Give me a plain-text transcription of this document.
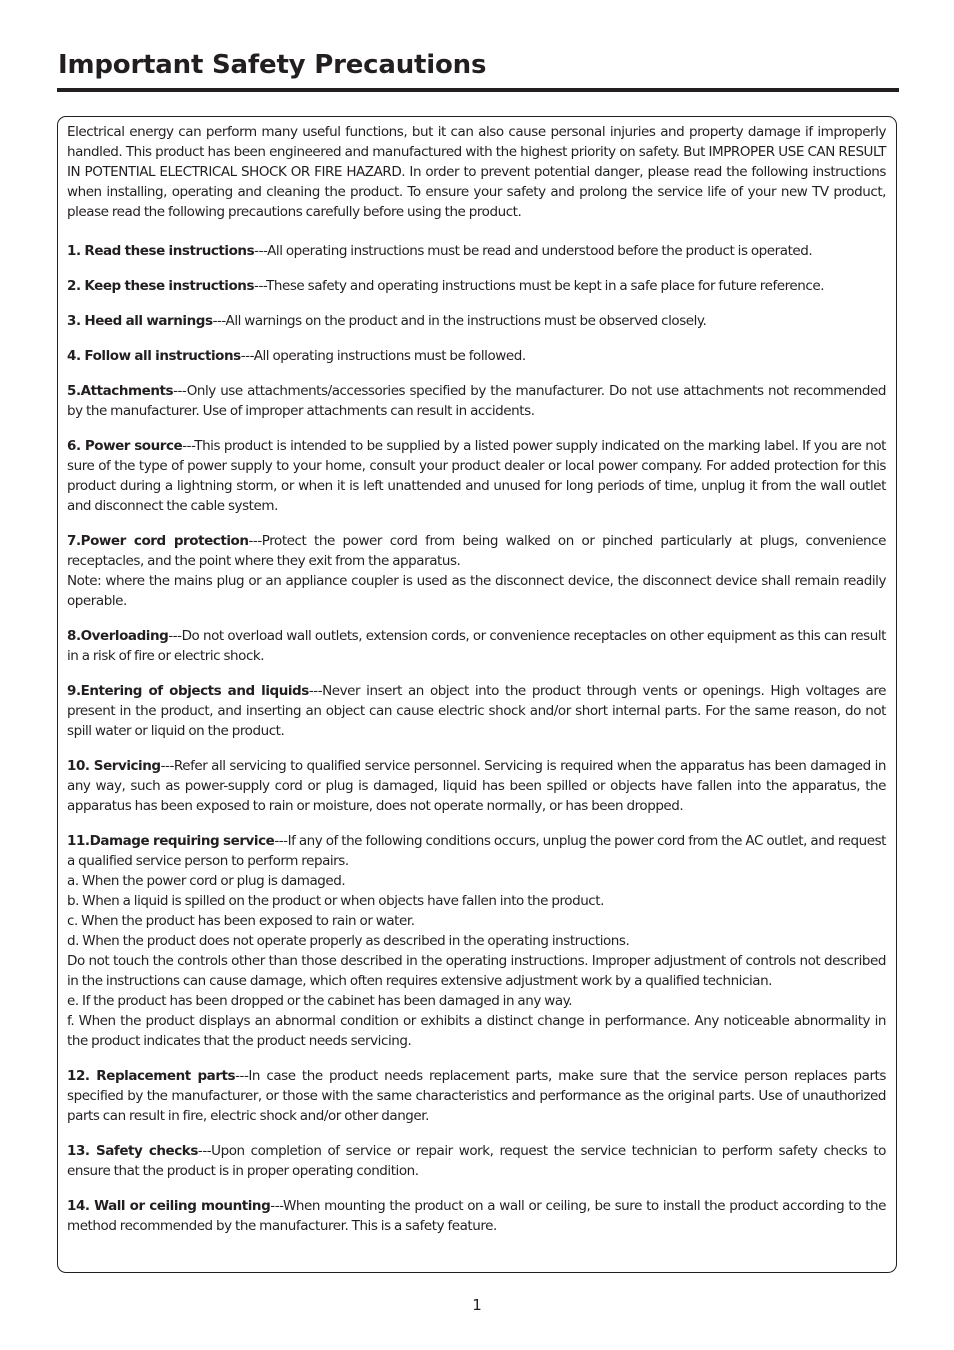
Important Safety Precautions

Electrical energy can perform many useful functions, but it can also cause personal injuries and property damage if improperly handled. This product has been engineered and manufactured with the highest priority on safety. But IMPROPER USE CAN RESULT IN POTENTIAL ELECTRICAL SHOCK OR FIRE HAZARD. In order to prevent potential danger, please read the following instructions when installing, operating and cleaning the product. To ensure your safety and prolong the service life of your new TV product, please read the following precautions carefully before using the product.

1. Read these instructions---All operating instructions must be read and understood before the product is operated.

2. Keep these instructions---These safety and operating instructions must be kept in a safe place for future reference.

3. Heed all warnings---All warnings on the product and in the instructions must be observed closely.

4. Follow all instructions---All operating instructions must be followed.

5.Attachments---Only use attachments/accessories specified by the manufacturer. Do not use attachments not recommended by the manufacturer. Use of improper attachments can result in accidents.

6. Power source---This product is intended to be supplied by a listed power supply indicated on the marking label. If you are not sure of the type of power supply to your home, consult your product dealer or local power company. For added protection for this product during a lightning storm, or when it is left unattended and unused for long periods of time, unplug it from the wall outlet and disconnect the cable system.

7.Power cord protection---Protect the power cord from being walked on or pinched particularly at plugs, convenience receptacles, and the point where they exit from the apparatus.

Note: where the mains plug or an appliance coupler is used as the disconnect device, the disconnect device shall remain readily operable.

8.Overloading---Do not overload wall outlets, extension cords, or convenience receptacles on other equipment as this can result in a risk of fire or electric shock.

9.Entering of objects and liquids---Never insert an object into the product through vents or openings. High voltages are present in the product, and inserting an object can cause electric shock and/or short internal parts. For the same reason, do not spill water or liquid on the product.

10. Servicing---Refer all servicing to qualified service personnel. Servicing is required when the apparatus has been damaged in any way, such as power-supply cord or plug is damaged, liquid has been spilled or objects have fallen into the apparatus, the apparatus has been exposed to rain or moisture, does not operate normally, or has been dropped.

11.Damage requiring service---If any of the following conditions occurs, unplug the power cord from the AC outlet, and request a qualified service person to perform repairs.

a. When the power cord or plug is damaged.

b. When a liquid is spilled on the product or when objects have fallen into the product.

c. When the product has been exposed to rain or water.

d. When the product does not operate properly as described in the operating instructions.

Do not touch the controls other than those described in the operating instructions. Improper adjustment of controls not described in the instructions can cause damage, which often requires extensive adjustment work by a qualified technician.

e. If the product has been dropped or the cabinet has been damaged in any way.

f. When the product displays an abnormal condition or exhibits a distinct change in performance. Any noticeable abnormality in the product indicates that the product needs servicing.

12. Replacement parts---In case the product needs replacement parts, make sure that the service person replaces parts specified by the manufacturer, or those with the same characteristics and performance as the original parts. Use of unauthorized parts can result in fire, electric shock and/or other danger.

13. Safety checks---Upon completion of service or repair work, request the service technician to perform safety checks to ensure that the product is in proper operating condition.

14. Wall or ceiling mounting---When mounting the product on a wall or ceiling, be sure to install the product according to the method recommended by the manufacturer. This is a safety feature.

1
